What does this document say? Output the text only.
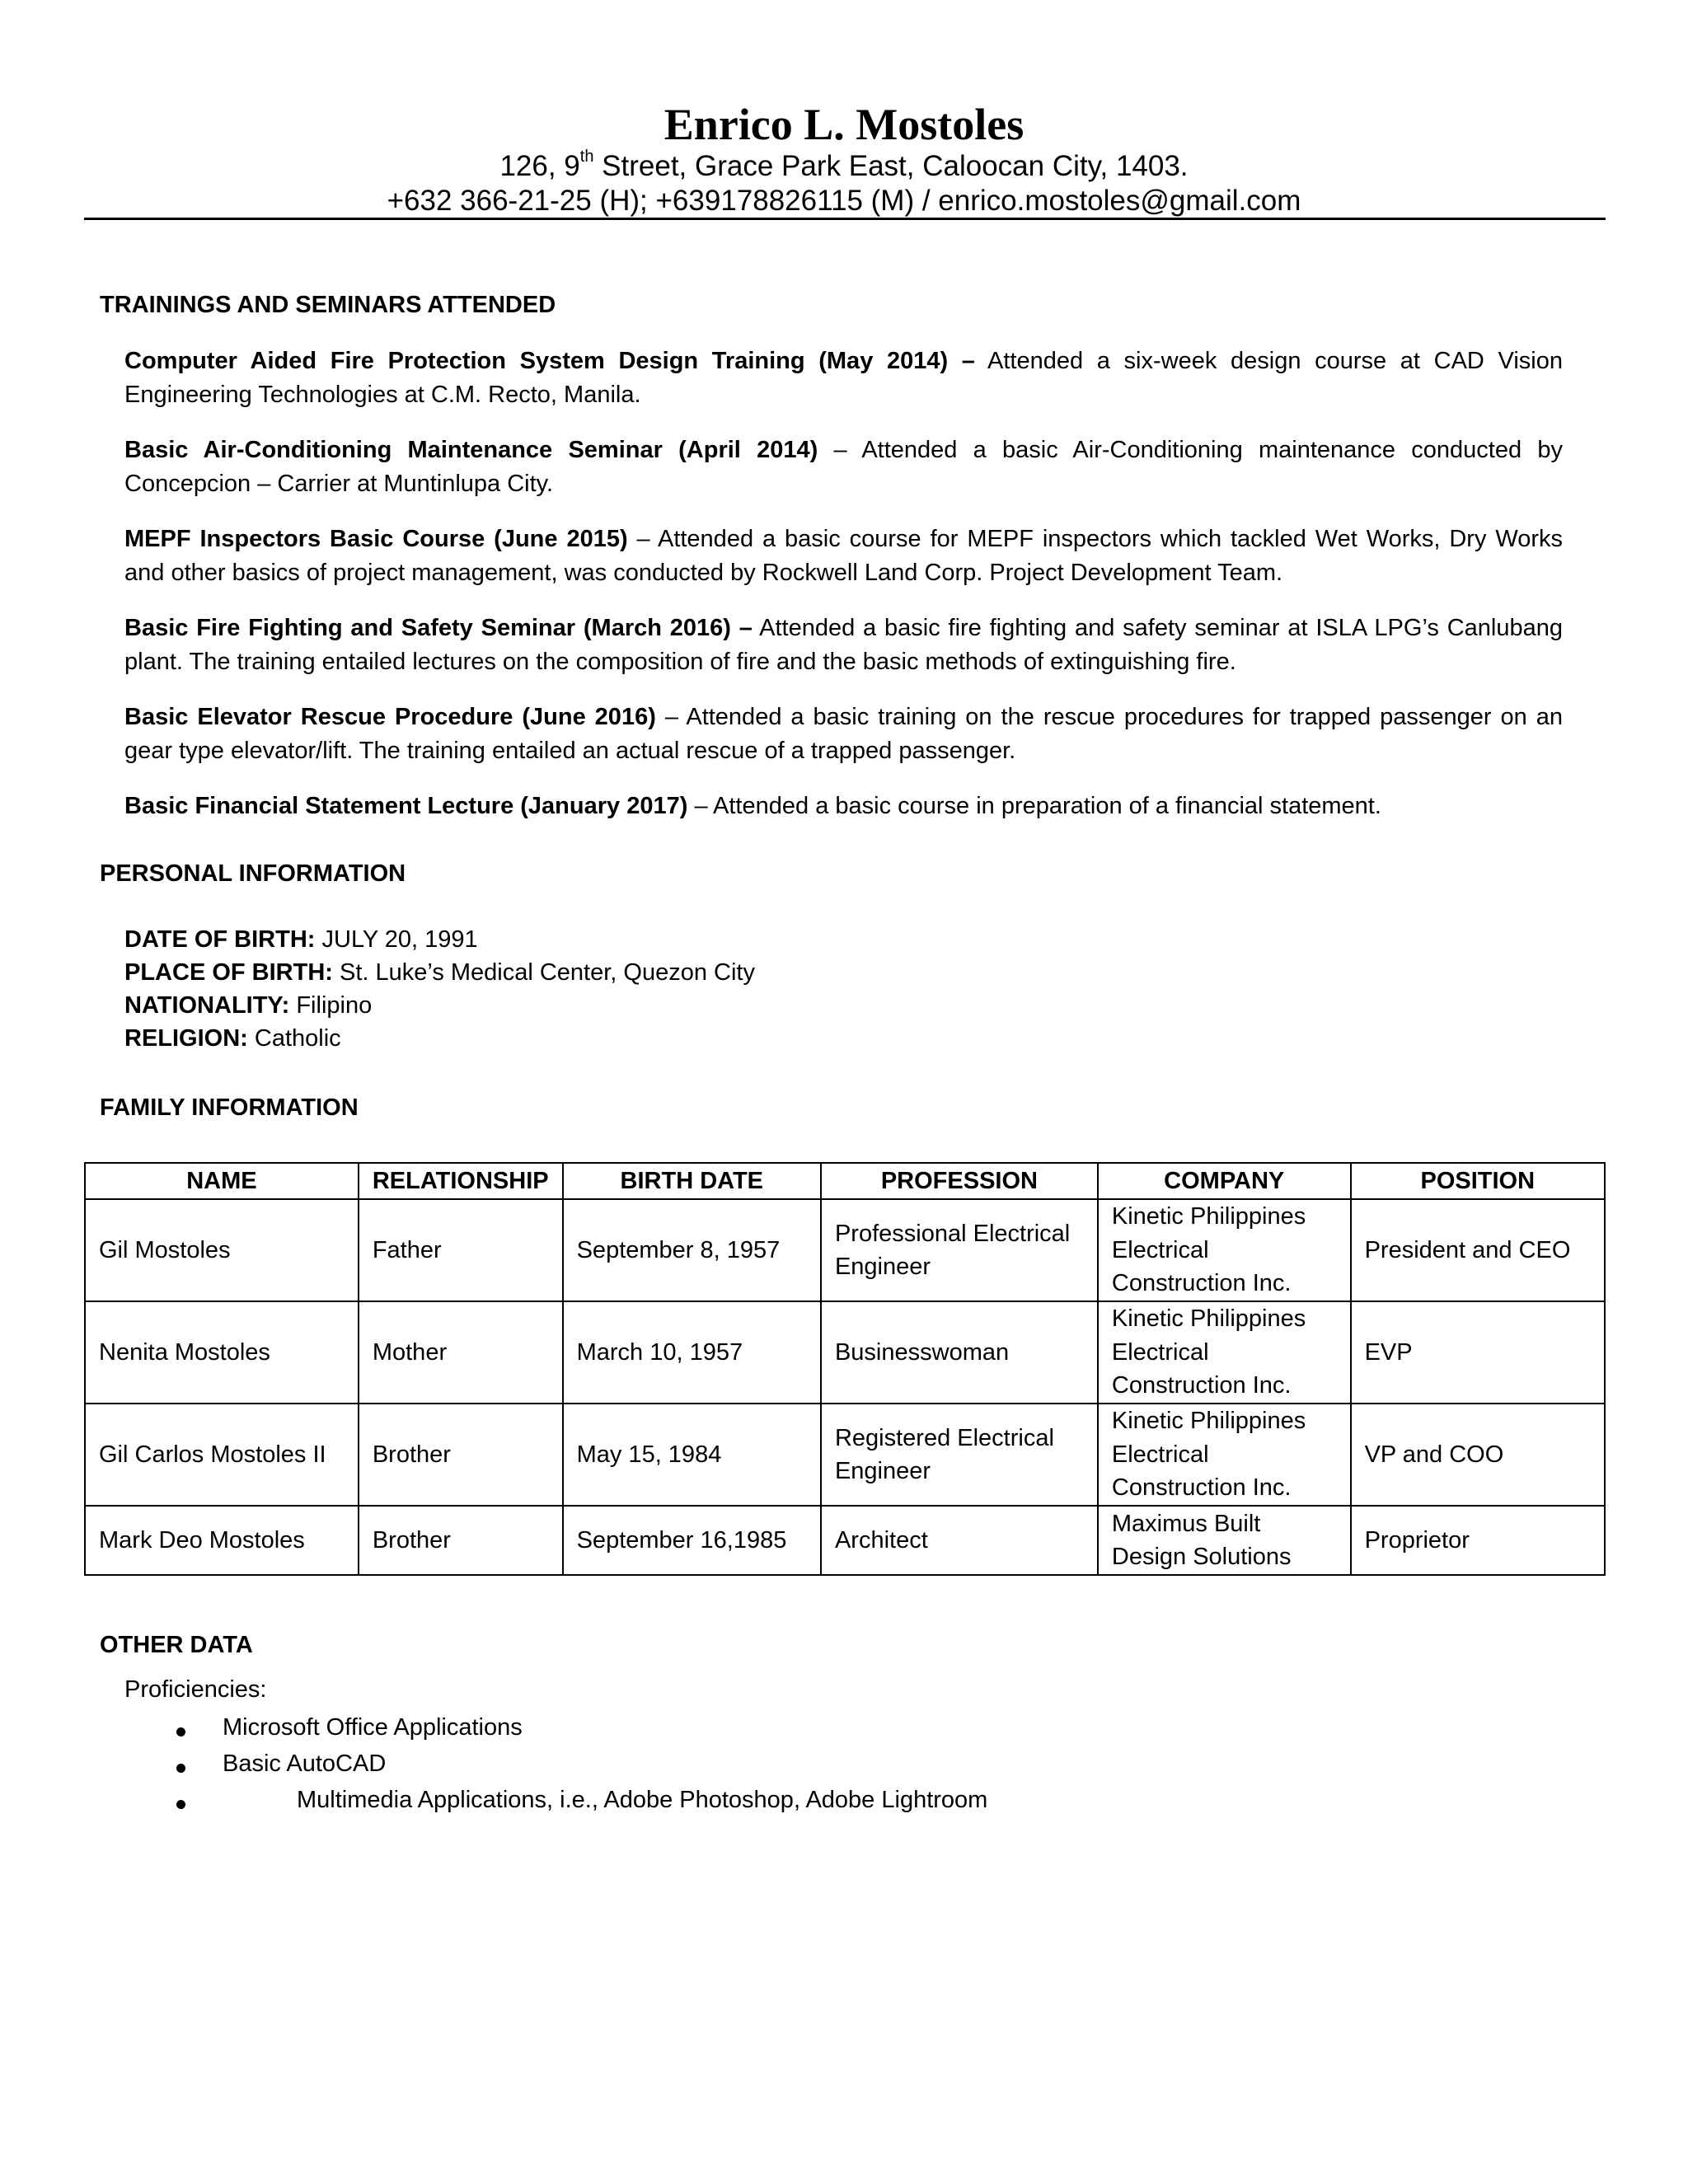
Enrico L. Mostoles
126, 9th Street, Grace Park East, Caloocan City, 1403.
+632 366-21-25 (H); +639178826115 (M) / enrico.mostoles@gmail.com
TRAININGS AND SEMINARS ATTENDED
Computer Aided Fire Protection System Design Training (May 2014) – Attended a six-week design course at CAD Vision Engineering Technologies at C.M. Recto, Manila.
Basic Air-Conditioning Maintenance Seminar (April 2014) – Attended a basic Air-Conditioning maintenance conducted by Concepcion – Carrier at Muntinlupa City.
MEPF Inspectors Basic Course (June 2015) – Attended a basic course for MEPF inspectors which tackled Wet Works, Dry Works and other basics of project management, was conducted by Rockwell Land Corp. Project Development Team.
Basic Fire Fighting and Safety Seminar (March 2016) – Attended a basic fire fighting and safety seminar at ISLA LPG’s Canlubang plant. The training entailed lectures on the composition of fire and the basic methods of extinguishing fire.
Basic Elevator Rescue Procedure (June 2016) – Attended a basic training on the rescue procedures for trapped passenger on an gear type elevator/lift. The training entailed an actual rescue of a trapped passenger.
Basic Financial Statement Lecture (January 2017) – Attended a basic course in preparation of a financial statement.
PERSONAL INFORMATION
DATE OF BIRTH: JULY 20, 1991
PLACE OF BIRTH: St. Luke’s Medical Center, Quezon City
NATIONALITY: Filipino
RELIGION: Catholic
FAMILY INFORMATION
NAME	RELATIONSHIP	BIRTH DATE	PROFESSION	COMPANY	POSITION
Gil Mostoles	Father	September 8, 1957	Professional Electrical Engineer	Kinetic Philippines Electrical Construction Inc.	President and CEO
Nenita Mostoles	Mother	March 10, 1957	Businesswoman	Kinetic Philippines Electrical Construction Inc.	EVP
Gil Carlos Mostoles II	Brother	May 15, 1984	Registered Electrical Engineer	Kinetic Philippines Electrical Construction Inc.	VP and COO
Mark Deo Mostoles	Brother	September 16,1985	Architect	Maximus Built Design Solutions	Proprietor
OTHER DATA
Proficiencies:
Microsoft Office Applications
Basic AutoCAD
Multimedia Applications, i.e., Adobe Photoshop, Adobe Lightroom
